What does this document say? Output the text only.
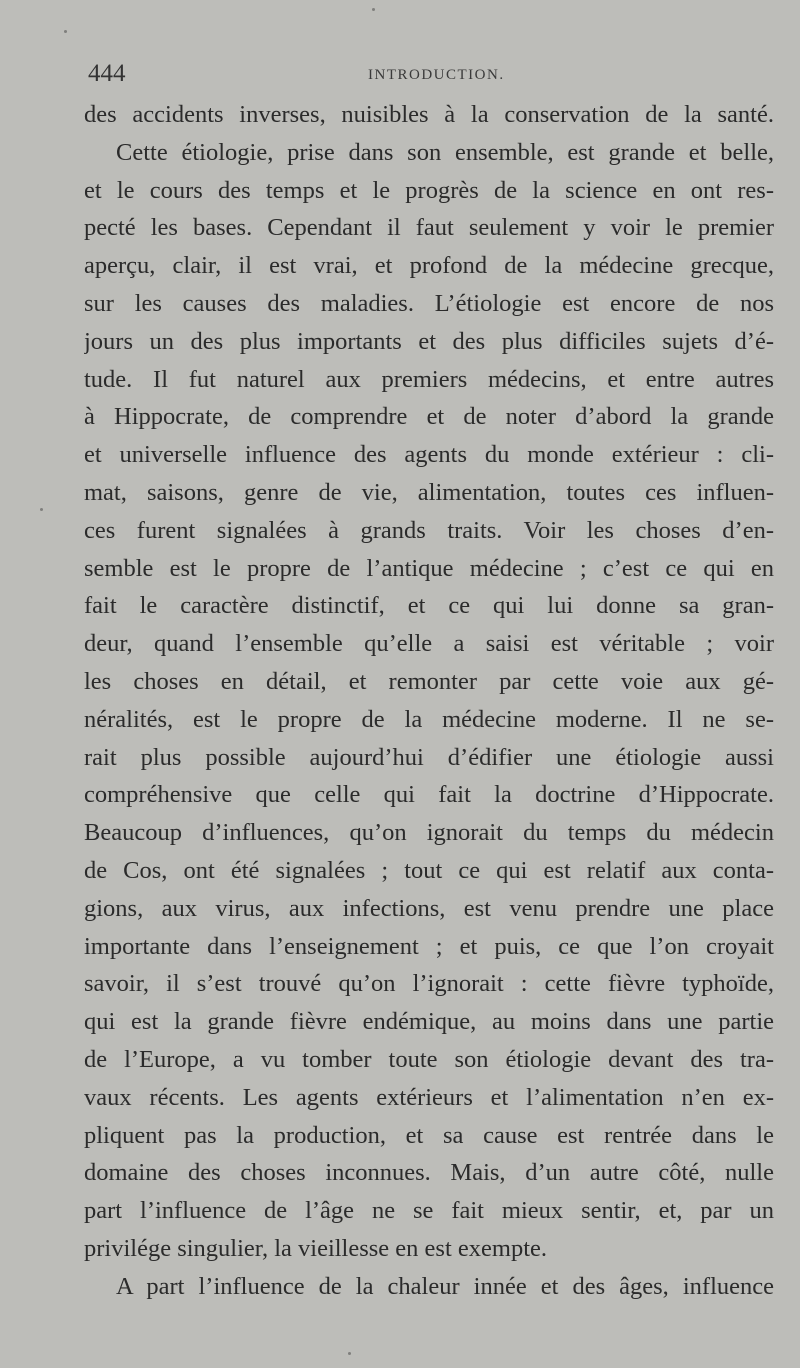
444	INTRODUCTION.
des accidents inverses, nuisibles à la conservation de la santé.
Cette étiologie, prise dans son ensemble, est grande et belle,
et le cours des temps et le progrès de la science en ont res-
pecté les bases. Cependant il faut seulement y voir le premier
aperçu, clair, il est vrai, et profond de la médecine grecque,
sur les causes des maladies. L’étiologie est encore de nos
jours un des plus importants et des plus difficiles sujets d’é-
tude. Il fut naturel aux premiers médecins, et entre autres
à Hippocrate, de comprendre et de noter d’abord la grande
et universelle influence des agents du monde extérieur : cli-
mat, saisons, genre de vie, alimentation, toutes ces influen-
ces furent signalées à grands traits. Voir les choses d’en-
semble est le propre de l’antique médecine ; c’est ce qui en
fait le caractère distinctif, et ce qui lui donne sa gran-
deur, quand l’ensemble qu’elle a saisi est véritable ; voir
les choses en détail, et remonter par cette voie aux gé-
néralités, est le propre de la médecine moderne. Il ne se-
rait plus possible aujourd’hui d’édifier une étiologie aussi
compréhensive que celle qui fait la doctrine d’Hippocrate.
Beaucoup d’influences, qu’on ignorait du temps du médecin
de Cos, ont été signalées ; tout ce qui est relatif aux conta-
gions, aux virus, aux infections, est venu prendre une place
importante dans l’enseignement ; et puis, ce que l’on croyait
savoir, il s’est trouvé qu’on l’ignorait : cette fièvre typhoïde,
qui est la grande fièvre endémique, au moins dans une partie
de l’Europe, a vu tomber toute son étiologie devant des tra-
vaux récents. Les agents extérieurs et l’alimentation n’en ex-
pliquent pas la production, et sa cause est rentrée dans le
domaine des choses inconnues. Mais, d’un autre côté, nulle
part l’influence de l’âge ne se fait mieux sentir, et, par un
privilége singulier, la vieillesse en est exempte.
A part l’influence de la chaleur innée et des âges, influence
